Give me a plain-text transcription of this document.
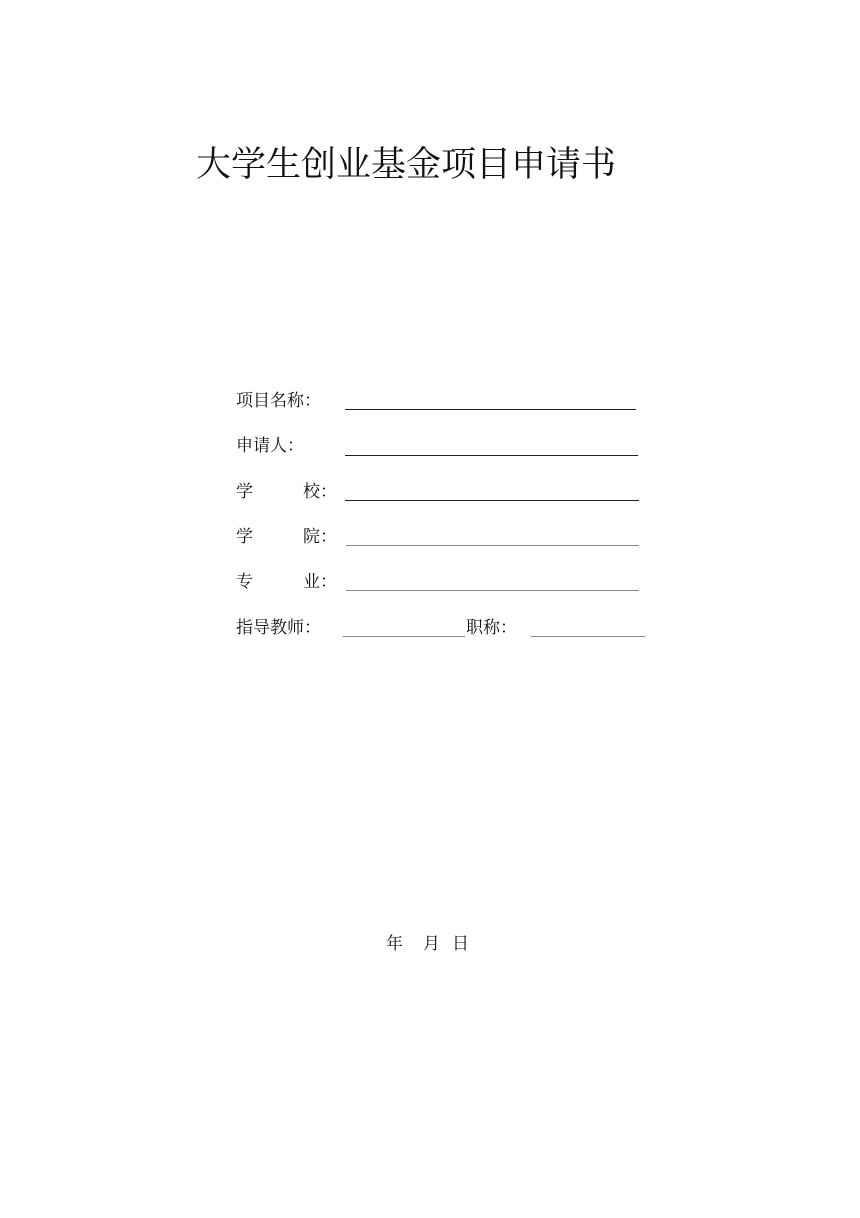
大学生创业基金项目申请书
项目名称：
申请人：
学	校：
学	院：
专	业：
指导教师：	职称：
年 月 日
